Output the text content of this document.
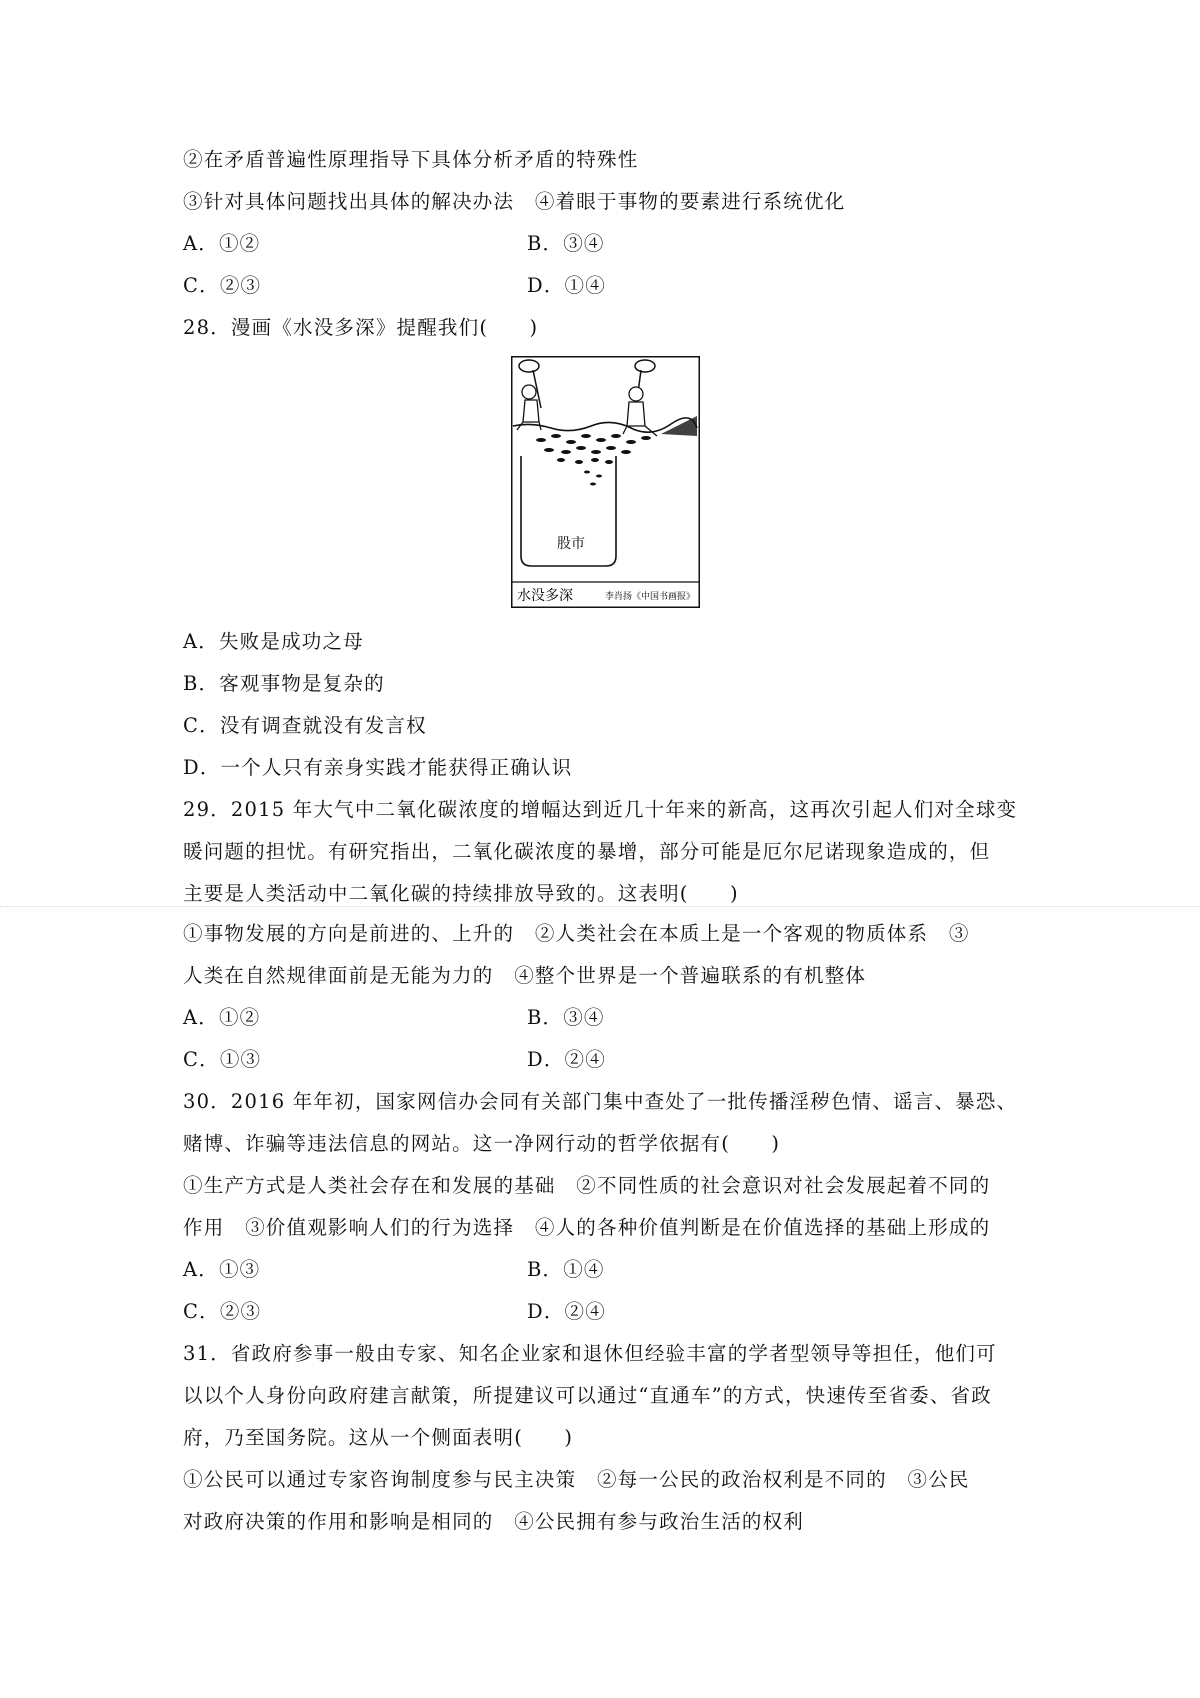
②在矛盾普遍性原理指导下具体分析矛盾的特殊性
③针对具体问题找出具体的解决办法　④着眼于事物的要素进行系统优化
A．①②	B．③④
C．②③	D．①④
28．漫画《水没多深》提醒我们(　　)
股市
水没多深	李肖扬《中国书画报》
A．失败是成功之母
B．客观事物是复杂的
C．没有调查就没有发言权
D．一个人只有亲身实践才能获得正确认识
29．2015 年大气中二氧化碳浓度的增幅达到近几十年来的新高，这再次引起人们对全球变
暖问题的担忧。有研究指出，二氧化碳浓度的暴增，部分可能是厄尔尼诺现象造成的，但
主要是人类活动中二氧化碳的持续排放导致的。这表明(　　)
①事物发展的方向是前进的、上升的　②人类社会在本质上是一个客观的物质体系　③
人类在自然规律面前是无能为力的　④整个世界是一个普遍联系的有机整体
A．①②	B．③④
C．①③	D．②④
30．2016 年年初，国家网信办会同有关部门集中查处了一批传播淫秽色情、谣言、暴恐、
赌博、诈骗等违法信息的网站。这一净网行动的哲学依据有(　　)
①生产方式是人类社会存在和发展的基础　②不同性质的社会意识对社会发展起着不同的
作用　③价值观影响人们的行为选择　④人的各种价值判断是在价值选择的基础上形成的
A．①③	B．①④
C．②③	D．②④
31．省政府参事一般由专家、知名企业家和退休但经验丰富的学者型领导等担任，他们可
以以个人身份向政府建言献策，所提建议可以通过“直通车”的方式，快速传至省委、省政
府，乃至国务院。这从一个侧面表明(　　)
①公民可以通过专家咨询制度参与民主决策　②每一公民的政治权利是不同的　③公民
对政府决策的作用和影响是相同的　④公民拥有参与政治生活的权利
